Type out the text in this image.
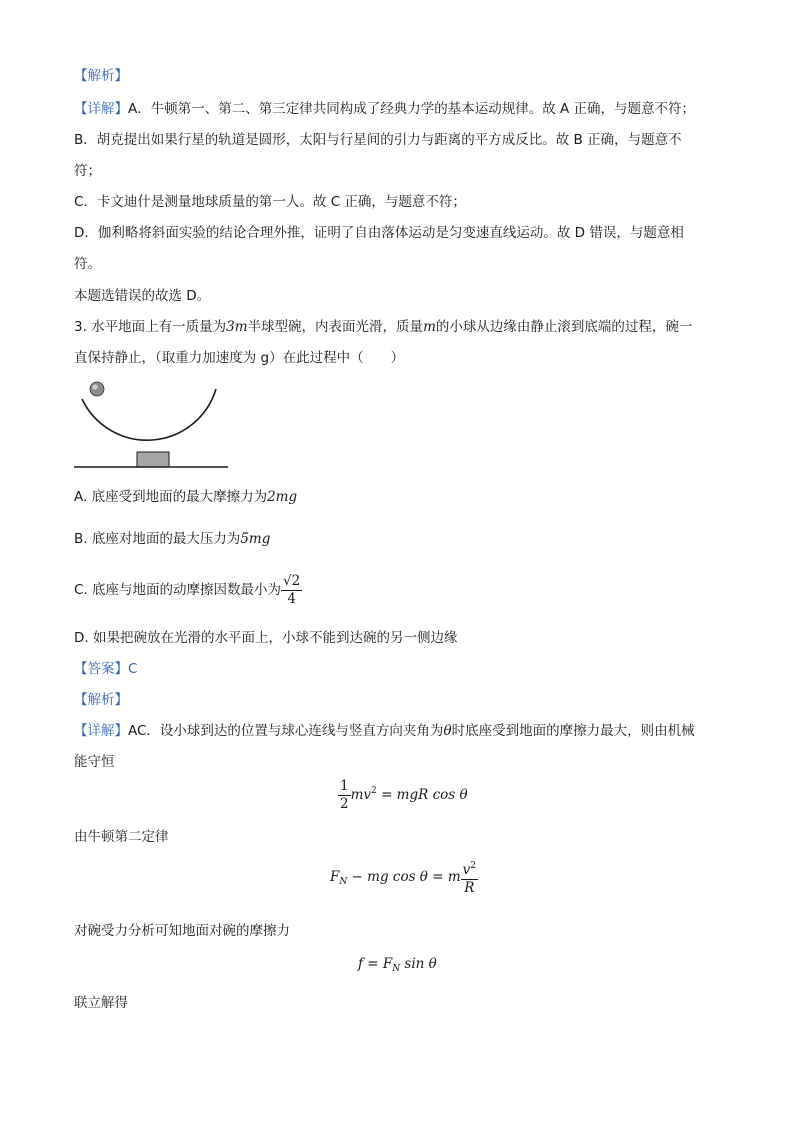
【解析】
【详解】A．牛顿第一、第二、第三定律共同构成了经典力学的基本运动规律。故 A 正确，与题意不符；
B．胡克提出如果行星的轨道是圆形，太阳与行星间的引力与距离的平方成反比。故 B 正确，与题意不
符；
C．卡文迪什是测量地球质量的第一人。故 C 正确，与题意不符；
D．伽利略将斜面实验的结论合理外推，证明了自由落体运动是匀变速直线运动。故 D 错误，与题意相
符。
本题选错误的故选 D。
3. 水平地面上有一质量为3m半球型碗，内表面光滑，质量m的小球从边缘由静止滚到底端的过程，碗一
直保持静止，（取重力加速度为 g）在此过程中（　　）
A. 底座受到地面的最大摩擦力为2mg
B. 底座对地面的最大压力为5mg
C. 底座与地面的动摩擦因数最小为 $\frac{√2}{4}$
D. 如果把碗放在光滑的水平面上，小球不能到达碗的另一侧边缘
【答案】C
【解析】
【详解】AC．设小球到达的位置与球心连线与竖直方向夹角为θ时底座受到地面的摩擦力最大，则由机械
能守恒
$\frac{1}{2} mv^2$ = mgR cos θ
由牛顿第二定律
$F_N$ − mg cos θ = m $\frac{v^2}{R}$
对碗受力分析可知地面对碗的摩擦力
$f = F_N$ sin θ
联立解得
